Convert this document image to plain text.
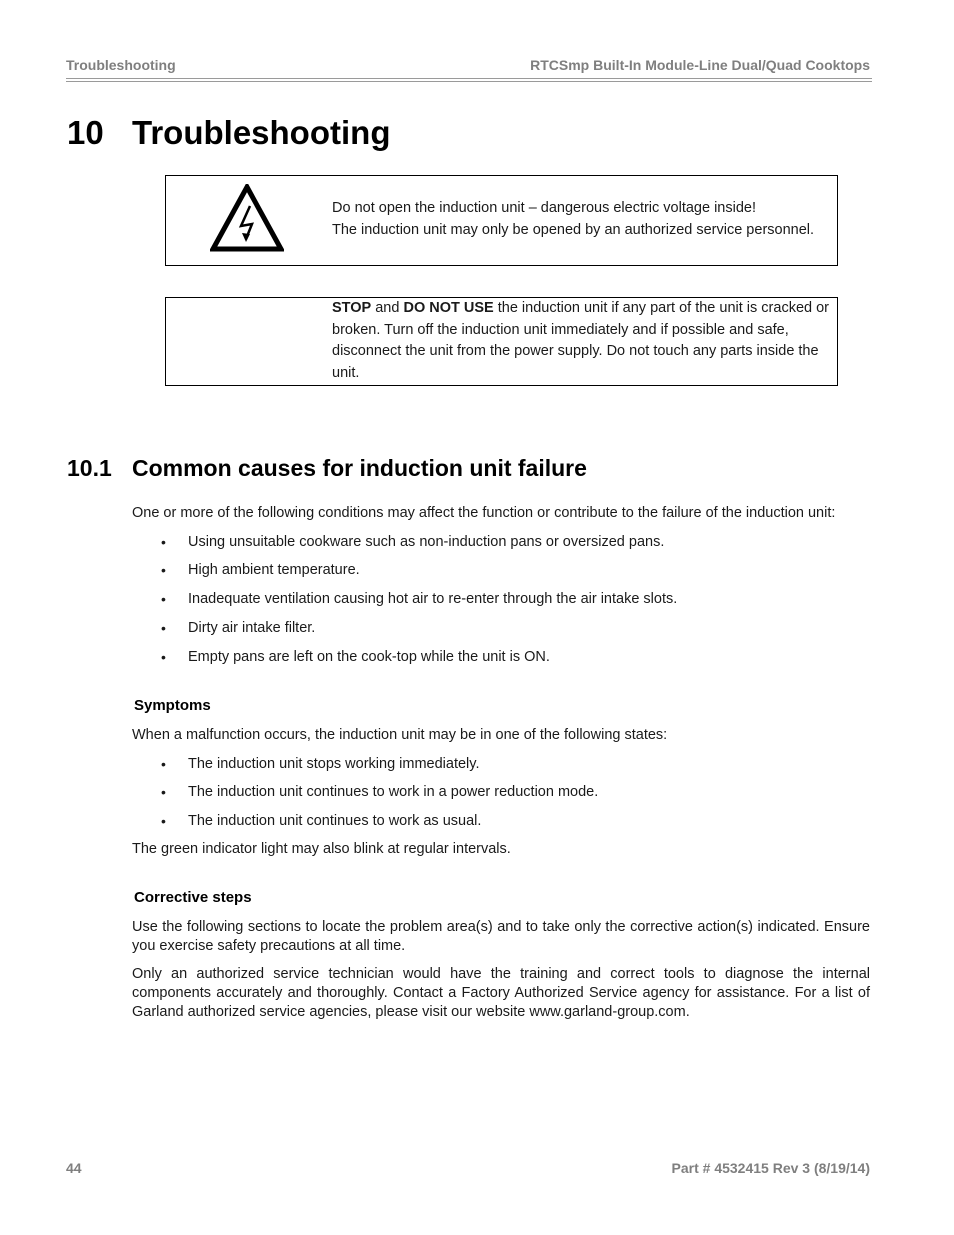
Troubleshooting	RTCSmp Built-In Module-Line Dual/Quad Cooktops
10 Troubleshooting
Do not open the induction unit – dangerous electric voltage inside!
The induction unit may only be opened by an authorized service personnel.
STOP and DO NOT USE the induction unit if any part of the unit is cracked or broken. Turn off the induction unit immediately and if possible and safe, disconnect the unit from the power supply. Do not touch any parts inside the unit.
10.1 Common causes for induction unit failure
One or more of the following conditions may affect the function or contribute to the failure of the induction unit:
• Using unsuitable cookware such as non-induction pans or oversized pans.
• High ambient temperature.
• Inadequate ventilation causing hot air to re-enter through the air intake slots.
• Dirty air intake filter.
• Empty pans are left on the cook-top while the unit is ON.
Symptoms
When a malfunction occurs, the induction unit may be in one of the following states:
• The induction unit stops working immediately.
• The induction unit continues to work in a power reduction mode.
• The induction unit continues to work as usual.
The green indicator light may also blink at regular intervals.
Corrective steps
Use the following sections to locate the problem area(s) and to take only the corrective action(s) indicated. Ensure you exercise safety precautions at all time.
Only an authorized service technician would have the training and correct tools to diagnose the internal components accurately and thoroughly. Contact a Factory Authorized Service agency for assistance. For a list of Garland authorized service agencies, please visit our website www.garland-group.com.
44	Part # 4532415 Rev 3 (8/19/14)
